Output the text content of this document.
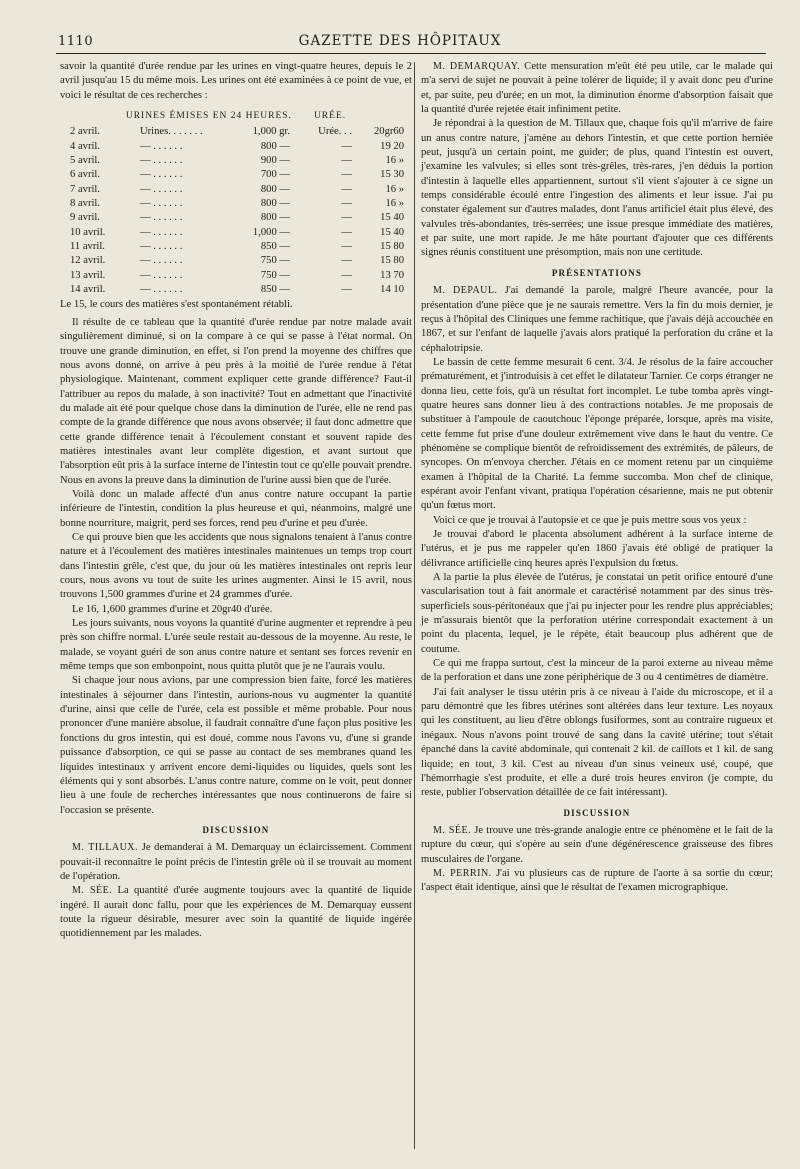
1110	GAZETTE DES HÔPITAUX

savoir la quantité d'urée rendue par les urines en vingt-quatre heures, depuis le 2 avril jusqu'au 15 du même mois. Les urines ont été examinées à ce point de vue, et voici le résultat de ces recherches :

URINES ÉMISES EN 24 HEURES. URÉE.
2 avril.	Urines. . . . . . .	1,000 gr.	Urée. . .	20gr60
4 avril.	— . . . . . .	800 —	—	19 20
5 avril.	— . . . . . .	900 —	—	16 »
6 avril.	— . . . . . .	700 —	—	15 30
7 avril.	— . . . . . .	800 —	—	16 »
8 avril.	— . . . . . .	800 —	—	16 »
9 avril.	— . . . . . .	800 —	—	15 40
10 avril.	— . . . . . .	1,000 —	—	15 40
11 avril.	— . . . . . .	850 —	—	15 80
12 avril.	— . . . . . .	750 —	—	15 80
13 avril.	— . . . . . .	750 —	—	13 70
14 avril.	— . . . . . .	850 —	—	14 10

Le 15, le cours des matières s'est spontanément rétabli.

Il résulte de ce tableau que la quantité d'urée rendue par notre malade avait singulièrement diminué, si on la compare à ce qui se passe à l'état normal. On trouve une grande diminution, en effet, si l'on prend la moyenne des chiffres que nous avons donné, on arrive à peu près à la moitié de l'urée rendue à l'état physiologique. Maintenant, comment expliquer cette grande différence? Faut-il l'attribuer au repos du malade, à son inactivité? Tout en admettant que l'inactivité du malade ait été pour quelque chose dans la diminution de l'urée, elle ne rend pas compte de la grande différence que nous avons observée; il faut donc admettre que cette grande différence tenait à l'écoulement constant et souvent rapide des matières intestinales avant leur complète digestion, et avant surtout que l'absorption eût pris à la surface interne de l'intestin tout ce qu'elle pouvait prendre. Nous en avons la preuve dans la diminution de l'urine aussi bien que de l'urée.

Voilà donc un malade affecté d'un anus contre nature occupant la partie inférieure de l'intestin, condition la plus heureuse et qui, néanmoins, malgré une bonne nourriture, maigrit, perd ses forces, rend peu d'urine et peu d'urée.

Ce qui prouve bien que les accidents que nous signalons tenaient à l'anus contre nature et à l'écoulement des matières intestinales maintenues un temps trop court dans l'intestin grêle, c'est que, du jour où les matières intestinales ont repris leur cours, nous avons vu tout de suite les urines augmenter. Ainsi le 15 avril, nous trouvons 1,500 grammes d'urine et 24 grammes d'urée.

Le 16, 1,600 grammes d'urine et 20gr40 d'urée.

Les jours suivants, nous voyons la quantité d'urine augmenter et reprendre à peu près son chiffre normal. L'urée seule restait au-dessous de la moyenne. Au reste, le malade, se voyant guéri de son anus contre nature et sentant ses forces revenir en même temps que son embonpoint, nous quitta plutôt que je ne l'aurais voulu.

Si chaque jour nous avions, par une compression bien faite, forcé les matières intestinales à séjourner dans l'intestin, aurions-nous vu augmenter la quantité d'urine, ainsi que celle de l'urée, cela est possible et même probable. Pour nous prononcer d'une manière absolue, il faudrait connaître d'une façon plus positive les fonctions du gros intestin, qui est doué, comme nous l'avons vu, d'une si grande puissance d'absorption, ce qui se passe au contact de ses membranes quand les liquides intestinaux y arrivent encore demi-liquides ou liquides, quels sont les éléments qui y sont absorbés. L'anus contre nature, comme on le voit, peut donner lieu à une foule de recherches intéressantes que nous continuerons de faire si l'occasion se présente.

DISCUSSION

M. TILLAUX. Je demanderai à M. Demarquay un éclaircissement. Comment pouvait-il reconnaître le point précis de l'intestin grêle où il se trouvait au moment de l'opération.

M. SÉE. La quantité d'urée augmente toujours avec la quantité de liquide ingéré. Il aurait donc fallu, pour que les expériences de M. Demarquay eussent toute la rigueur désirable, mesurer avec soin la quantité de liquide ingérée quotidiennement par les malades.

M. DEMARQUAY. Cette mensuration m'eût été peu utile, car le malade qui m'a servi de sujet ne pouvait à peine tolérer de liquide; il y avait donc peu d'urine et, par suite, peu d'urée; en un mot, la diminution énorme d'absorption faisait que la quantité d'urée rejetée était infiniment petite.

Je répondrai à la question de M. Tillaux que, chaque fois qu'il m'arrive de faire un anus contre nature, j'amène au dehors l'intestin, et que cette portion herniée peut, jusqu'à un certain point, me guider; de plus, quand l'intestin est ouvert, j'examine les valvules; si elles sont très-grêles, très-rares, j'en déduis la portion d'intestin à laquelle elles appartiennent, surtout s'il vient s'ajouter à ce signe un temps considérable écoulé entre l'ingestion des aliments et leur issue. J'ai pu constater également sur d'autres malades, dont l'anus artificiel était plus élevé, des valvules très-abondantes, très-serrées; une issue presque immédiate des matières, et par suite, une mort rapide. Je me hâte pourtant d'ajouter que ces différents signes réunis constituent une présomption, mais non une certitude.

PRÉSENTATIONS

M. DEPAUL. J'ai demandé la parole, malgré l'heure avancée, pour la présentation d'une pièce que je ne saurais remettre. Vers la fin du mois dernier, je reçus à l'hôpital des Cliniques une femme rachitique, que j'avais déjà accouchée en 1867, et sur l'enfant de laquelle j'avais alors pratiqué la perforation du crâne et la céphalotripsie.

Le bassin de cette femme mesurait 6 cent. 3/4. Je résolus de la faire accoucher prématurément, et j'introduisis à cet effet le dilatateur Tarnier. Ce corps étranger ne donna lieu, cette fois, qu'à un résultat fort incomplet. Le tube tomba après vingt-quatre heures sans donner lieu à des contractions notables. Je me proposais de substituer à l'ampoule de caoutchouc l'éponge préparée, lorsque, après ma visite, cette femme fut prise d'une douleur extrêmement vive dans le haut du ventre. Ce phénomène se complique bientôt de refroidissement des extrémités, de pâleurs, de syncopes. On m'envoya chercher. J'étais en ce moment retenu par un cinquième examen à l'hôpital de la Charité. La femme succomba. Mon chef de clinique, espérant avoir l'enfant vivant, pratiqua l'opération césarienne, mais ne put obtenir qu'un fœtus mort.

Voici ce que je trouvai à l'autopsie et ce que je puis mettre sous vos yeux :

Je trouvai d'abord le placenta absolument adhérent à la surface interne de l'utérus, et je pus me rappeler qu'en 1860 j'avais été obligé de pratiquer la délivrance artificielle cinq heures après l'expulsion du fœtus.

A la partie la plus élevée de l'utérus, je constatai un petit orifice entouré d'une vascularisation tout à fait anormale et caractérisé notamment par des sinus très-superficiels sous-péritonéaux que j'ai pu injecter pour les rendre plus appréciables; je m'assurais bientôt que la perforation utérine correspondait exactement à un point du placenta, lequel, je le répète, était beaucoup plus adhérent que de coutume.

Ce qui me frappa surtout, c'est la minceur de la paroi externe au niveau même de la perforation et dans une zone périphérique de 3 ou 4 centimètres de diamètre.

J'ai fait analyser le tissu utérin pris à ce niveau à l'aide du microscope, et il a paru démontré que les fibres utérines sont altérées dans leur texture. Les noyaux qui les constituent, au lieu d'être oblongs fusiformes, sont au contraire rugueux et inégaux. Nous n'avons point trouvé de sang dans la cavité utérine; tout s'était épanché dans la cavité abdominale, qui contenait 2 kil. de caillots et 1 kil. de sang liquide; en tout, 3 kil. C'est au niveau d'un sinus veineux usé, coupé, que l'hémorrhagie s'est produite, et elle a duré trois heures environ (je compte, du reste, publier l'observation détaillée de ce fait intéressant).

DISCUSSION

M. SÉE. Je trouve une très-grande analogie entre ce phénomène et le fait de la rupture du cœur, qui s'opère au sein d'une dégénérescence graisseuse des fibres musculaires de l'organe.

M. PERRIN. J'ai vu plusieurs cas de rupture de l'aorte à sa sortie du cœur; l'aspect était identique, ainsi que le résultat de l'examen micrographique.
